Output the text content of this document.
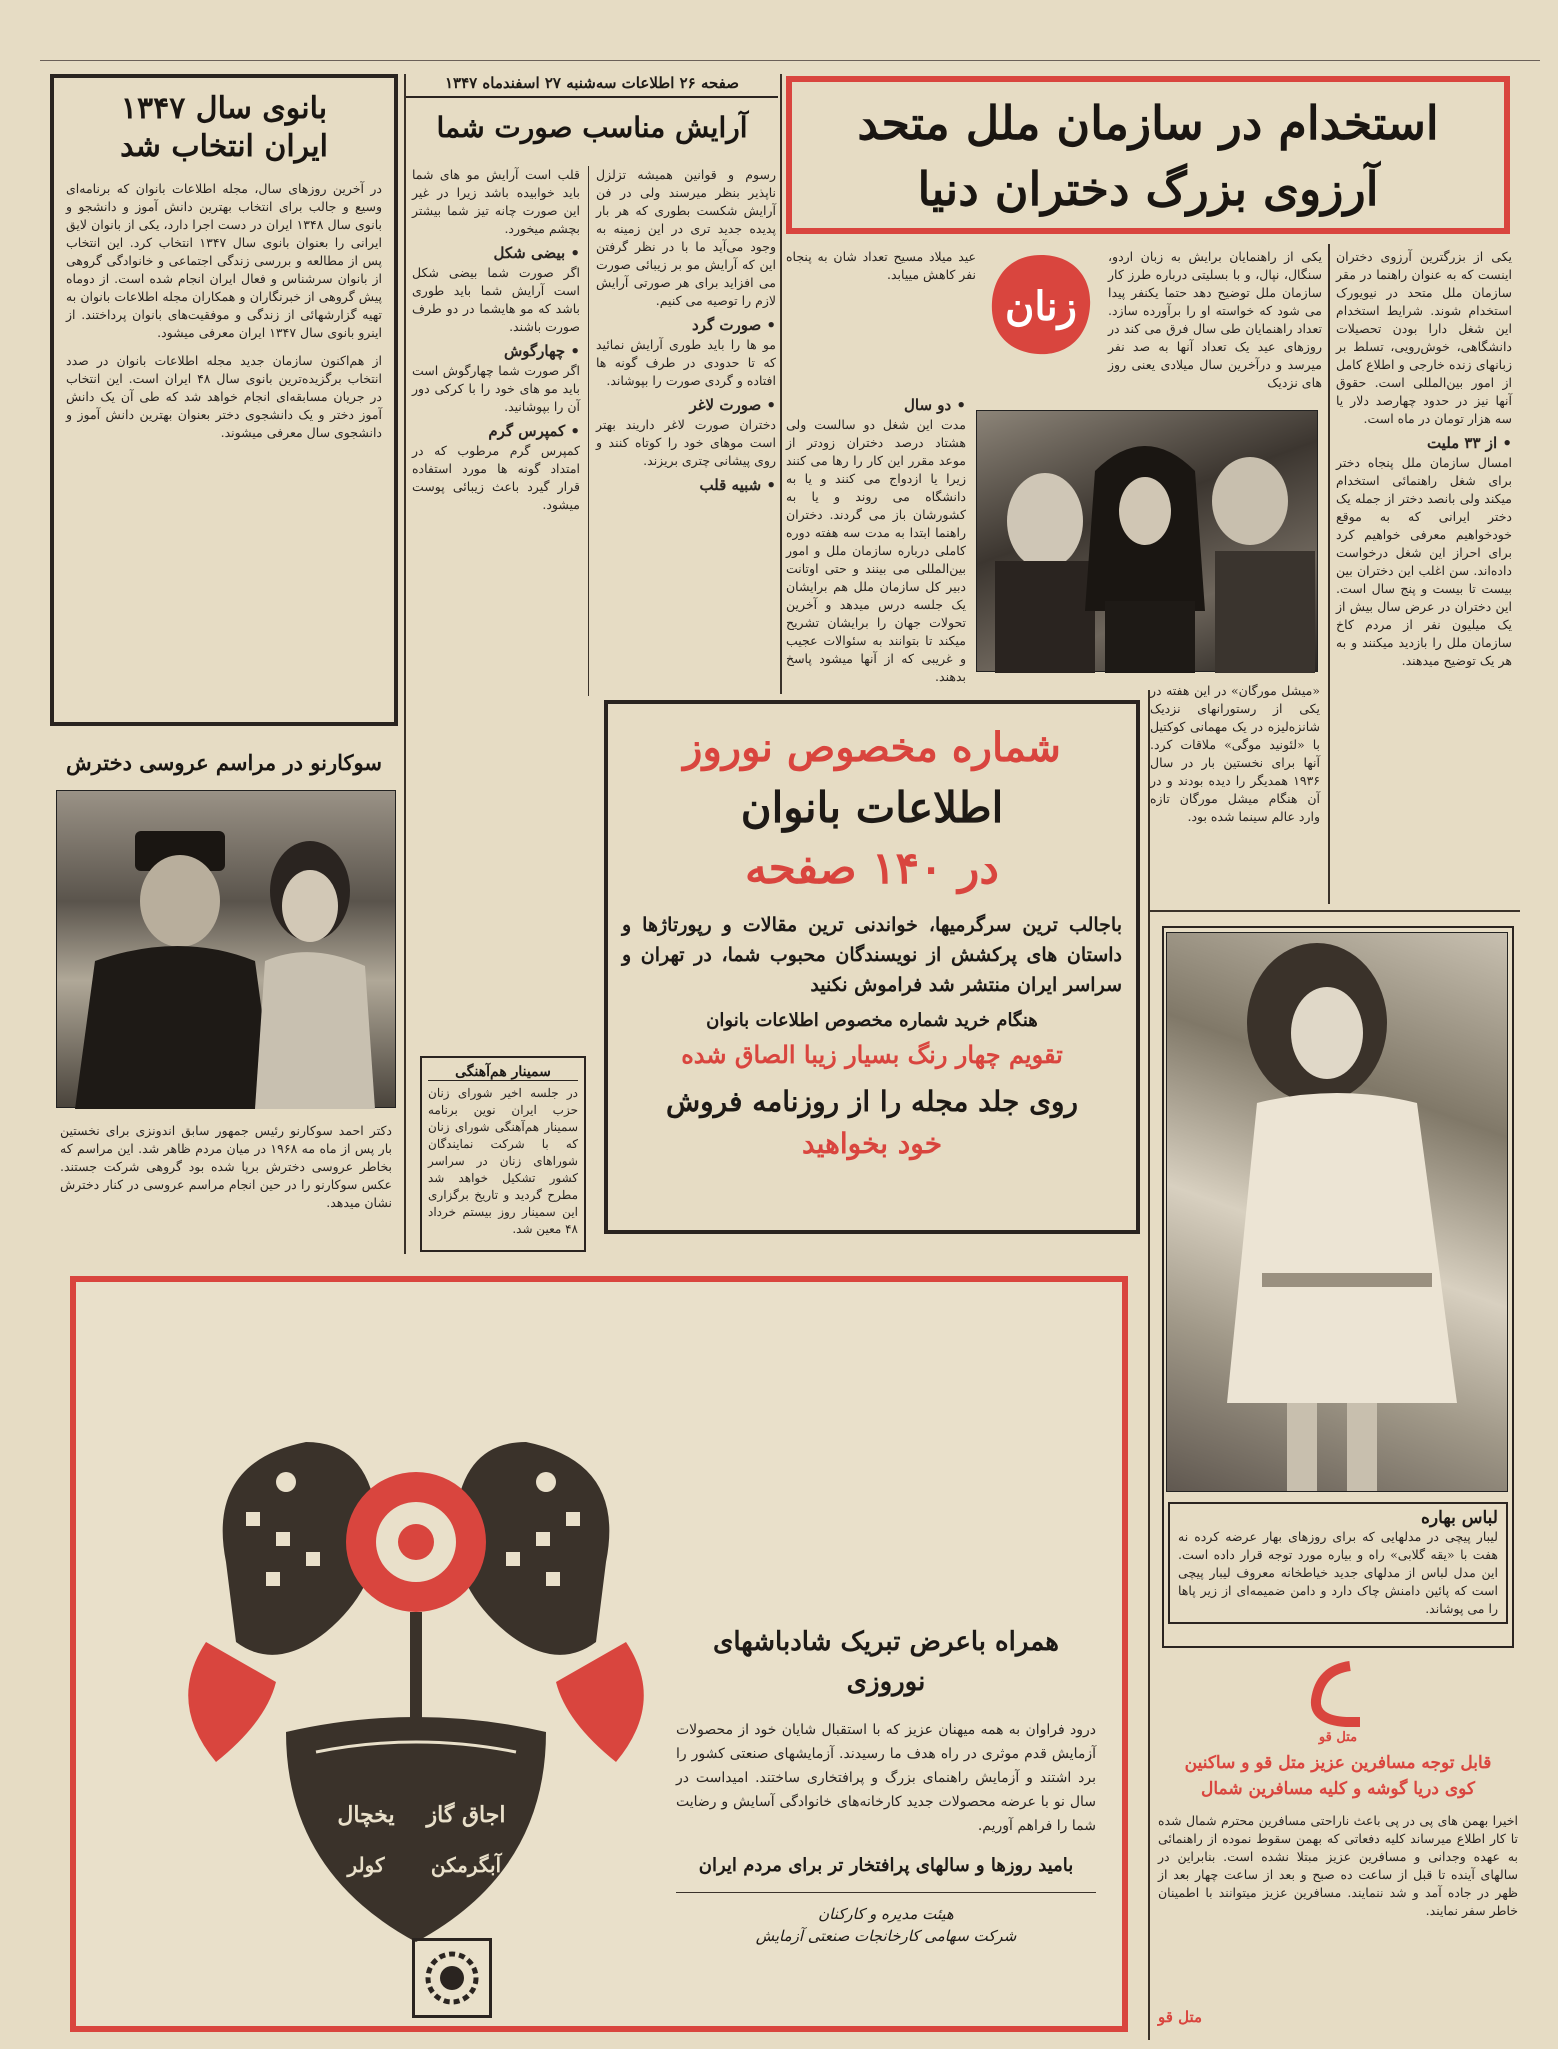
استخدام در سازمان ملل متحد
آرزوی بزرگ دختران دنیا
یکی از بزرگترین آرزوی دختران اینست که به عنوان راهنما در مقر سازمان ملل متحد در نیویورک استخدام شوند. شرایط استخدام این شغل دارا بودن تحصیلات دانشگاهی، خوش‌رویی، تسلط بر زبانهای زنده خارجی و اطلاع کامل از امور بین‌المللی است. حقوق آنها نیز در حدود چهارصد دلار یا سه هزار تومان در ماه است.
• از ۳۳ ملیت
امسال سازمان ملل پنجاه دختر برای شغل راهنمائی استخدام میکند ولی بانصد دختر از جمله یک دختر ایرانی که به موقع خودخواهیم معرفی خواهیم کرد برای احراز این شغل درخواست داده‌اند. سن اغلب این دختران بین بیست تا بیست و پنج سال است. این دختران در عرض سال بیش از یک میلیون نفر از مردم کاخ سازمان ملل را بازدید میکنند و به هر یک توضیح میدهند.
یکی از راهنمایان برایش به زبان اردو، سنگال، نپال، و با بسلیتی درباره طرز کار سازمان ملل توضیح دهد حتما یکنفر پیدا می شود که خواسته او را برآورده سازد. تعداد راهنمایان طی سال فرق می کند در روزهای عید یک تعداد آنها به صد نفر میرسد و درآخرین سال میلادی یعنی روز های نزدیک
زنان
عید میلاد مسیح تعداد شان به پنجاه نفر کاهش مییابد.
• دو سال
مدت این شغل دو سالست ولی هشتاد درصد دختران زودتر از موعد مقرر این کار را رها می کنند زیرا یا ازدواج می کنند و یا به دانشگاه می روند و یا به کشورشان باز می گردند. دختران راهنما ابتدا به مدت سه هفته دوره کاملی درباره سازمان ملل و امور بین‌المللی می بینند و حتی اوتانت دبیر کل سازمان ملل هم برایشان یک جلسه درس میدهد و آخرین تحولات جهان را برایشان تشریح میکند تا بتوانند به سئوالات عجیب و غریبی که از آنها میشود پاسخ بدهند.
«میشل مورگان» در این هفته در یکی از رستورانهای نزدیک شانزه‌لیزه در یک مهمانی کوکتیل با «لئونید موگی» ملاقات کرد. آنها برای نخستین بار در سال ۱۹۳۶ همدیگر را دیده بودند و در آن هنگام میشل مورگان تازه وارد عالم سینما شده بود.
صفحه ۲۶ اطلاعات سه‌شنبه ۲۷ اسفندماه ۱۳۴۷
آرایش مناسب صورت شما
رسوم و قوانین همیشه تزلزل ناپذیر بنظر میرسند ولی در فن آرایش شکست بطوری که هر بار پدیده جدید تری در این زمینه به وجود می‌آید ما با در نظر گرفتن این که آرایش مو بر زیبائی صورت می افزاید برای هر صورتی آرایش لازم را توصیه می کنیم.
• صورت گرد
مو ها را باید طوری آرایش نمائید که تا حدودی در طرف گونه ها افتاده و گردی صورت را بپوشاند.
• صورت لاغر
دختران صورت لاغر داریند بهتر است موهای خود را کوتاه کنند و روی پیشانی چتری بریزند.
• شبیه قلب
قلب است آرایش مو های شما باید خوابیده باشد زیرا در غیر این صورت چانه تیز شما بیشتر بچشم میخورد.
• بیضی شکل
اگر صورت شما بیضی شکل است آرایش شما باید طوری باشد که مو هایشما در دو طرف صورت باشند.
• چهارگوش
اگر صورت شما چهارگوش است باید مو های خود را با کرکی دور آن را بپوشانید.
• کمپرس گرم
کمپرس گرم مرطوب که در امتداد گونه ها مورد استفاده قرار گیرد باعث زیبائی پوست میشود.
بانوی سال ۱۳۴۷
ایران انتخاب شد
در آخرین روزهای سال، مجله اطلاعات بانوان که برنامه‌ای وسیع و جالب برای انتخاب بهترین دانش آموز و دانشجو و بانوی سال ۱۳۴۸ ایران در دست اجرا دارد، یکی از بانوان لایق ایرانی را بعنوان بانوی سال ۱۳۴۷ انتخاب کرد. این انتخاب پس از مطالعه و بررسی زندگی اجتماعی و خانوادگی گروهی از بانوان سرشناس و فعال ایران انجام شده است. از دوماه پیش گروهی از خبرنگاران و همکاران مجله اطلاعات بانوان به تهیه گزارشهائی از زندگی و موفقیت‌های بانوان پرداختند. از اینرو بانوی سال ۱۳۴۷ ایران معرفی میشود.
از هم‌اکنون سازمان جدید مجله اطلاعات بانوان در صدد انتخاب برگزیده‌ترین بانوی سال ۴۸ ایران است. این انتخاب در جریان مسابقه‌ای انجام خواهد شد که طی آن یک دانش آموز دختر و یک دانشجوی دختر بعنوان بهترین دانش آموز و دانشجوی سال معرفی میشوند.
سوکارنو در مراسم عروسی دخترش
دکتر احمد سوکارنو رئیس جمهور سابق اندونزی برای نخستین بار پس از ماه مه ۱۹۶۸ در میان مردم ظاهر شد. این مراسم که بخاطر عروسی دخترش برپا شده بود گروهی شرکت جستند. عکس سوکارنو را در حین انجام مراسم عروسی در کنار دخترش نشان میدهد.
سمینار هم‌آهنگی
در جلسه اخیر شورای زنان حزب ایران نوین برنامه سمینار هم‌آهنگی شورای زنان که با شرکت نمایندگان شوراهای زنان در سراسر کشور تشکیل خواهد شد مطرح گردید و تاریخ برگزاری این سمینار روز بیستم خرداد ۴۸ معین شد.
شماره مخصوص نوروز
اطلاعات بانوان
در ۱۴۰ صفحه
باجالب ترین سرگرمیها، خواندنی ترین مقالات و رپورتاژها و داستان های پرکشش از نویسندگان محبوب شما، در تهران و سراسر ایران منتشر شد فراموش نکنید
هنگام خرید شماره مخصوص اطلاعات بانوان
تقویم چهار رنگ بسیار زیبا الصاق شده
روی جلد مجله را از روزنامه فروش
خود بخواهید
لباس بهاره
لیبار پیچی در مدلهایی که برای روزهای بهار عرضه کرده نه هفت با «یقه گلابی» راه و بیاره مورد توجه قرار داده است. این مدل لباس از مدلهای جدید خیاطخانه معروف لیبار پیچی است که پائین دامنش چاک دارد و دامن ضمیمه‌ای از زیر پاها را می پوشاند.
یخچال اجاق گاز
کولر آبگرمکن
همراه باعرض تبریک شادباشهای نوروزی
درود فراوان به همه میهنان عزیز که با استقبال شایان خود از محصولات آزمایش قدم موثری در راه هدف ما رسیدند. آزمایشهای صنعتی کشور را برد اشتند و آزمایش راهنمای بزرگ و پرافتخاری ساختند. امیداست در سال نو با عرضه محصولات جدید کارخانه‌های خانوادگی آسایش و رضایت شما را فراهم آوریم.
بامید روزها و سالهای پرافتخار تر برای مردم ایران
هیئت مدیره و کارکنان
شرکت سهامی کارخانجات صنعتی آزمایش
متل قو
قابل توجه مسافرین عزیز متل قو و ساکنین
کوی دریا گوشه و کلیه مسافرین شمال
اخیرا بهمن های پی در پی باعث ناراحتی مسافرین محترم شمال شده تا کار اطلاع میرساند کلیه دفعاتی که بهمن سقوط نموده از راهنمائی به عهده وجدانی و مسافرین عزیز مبتلا نشده است. بنابراین در سالهای آینده تا قبل از ساعت ده صبح و بعد از ساعت چهار بعد از ظهر در جاده آمد و شد ننمایند. مسافرین عزیز میتوانند با اطمینان خاطر سفر نمایند.
متل قو
